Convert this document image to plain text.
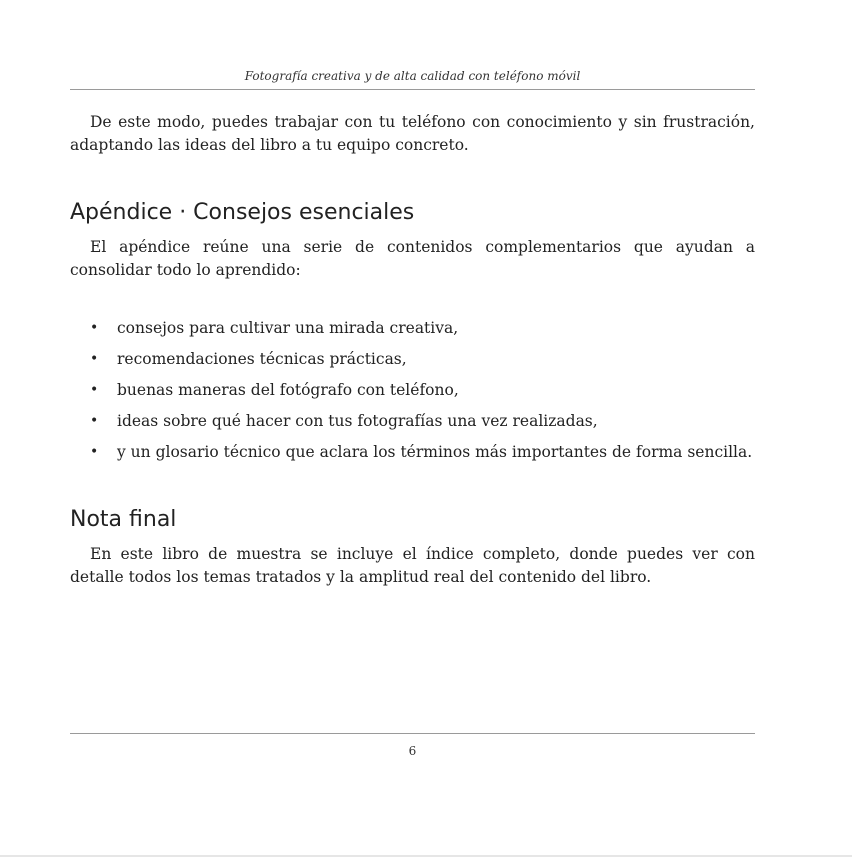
Fotografía creativa y de alta calidad con teléfono móvil

De este modo, puedes trabajar con tu teléfono con conocimiento y sin frustración, adaptando las ideas del libro a tu equipo concreto.

Apéndice · Consejos esenciales

El apéndice reúne una serie de contenidos complementarios que ayudan a consolidar todo lo aprendido:

• consejos para cultivar una mirada creativa,
• recomendaciones técnicas prácticas,
• buenas maneras del fotógrafo con teléfono,
• ideas sobre qué hacer con tus fotografías una vez realizadas,
• y un glosario técnico que aclara los términos más importantes de forma sencilla.
Nota final

En este libro de muestra se incluye el índice completo, donde puedes ver con detalle todos los temas tratados y la amplitud real del contenido del libro.

6
